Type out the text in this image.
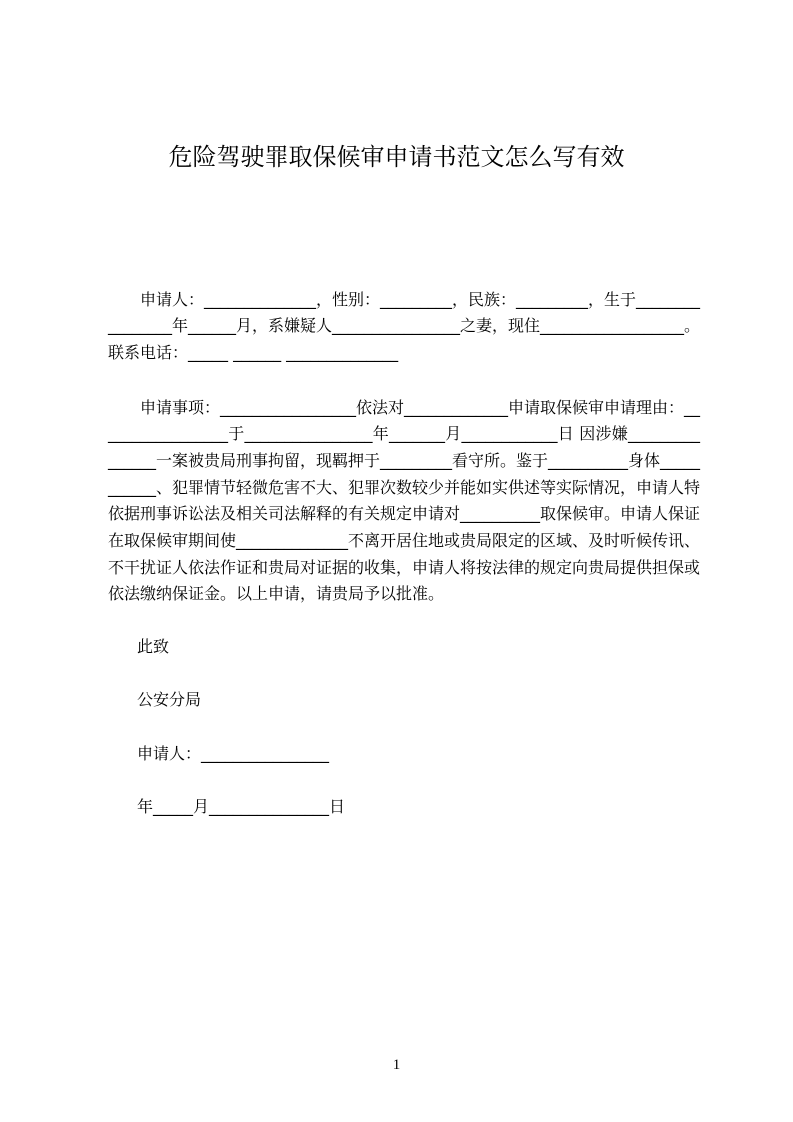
危险驾驶罪取保候审申请书范文怎么写有效
申请人：______________，性别：_________，民族：_________，生于________
________年______月，系嫌疑人________________之妻，现住__________________。
联系电话：_____ ______ ______________
申请事项：_________________依法对_____________申请取保候审申请理由：__
_______________于________________年_______月____________日 因涉嫌_________
______一案被贵局刑事拘留，现羁押于_________看守所。鉴于__________身体_____
______、犯罪情节轻微危害不大、犯罪次数较少并能如实供述等实际情况，申请人特
依据刑事诉讼法及相关司法解释的有关规定申请对__________取保候审。申请人保证
在取保候审期间使______________不离开居住地或贵局限定的区域、及时听候传讯、
不干扰证人依法作证和贵局对证据的收集，申请人将按法律的规定向贵局提供担保或
依法缴纳保证金。以上申请，请贵局予以批准。
此致
公安分局
申请人：________________
年_____月_______________日
1
